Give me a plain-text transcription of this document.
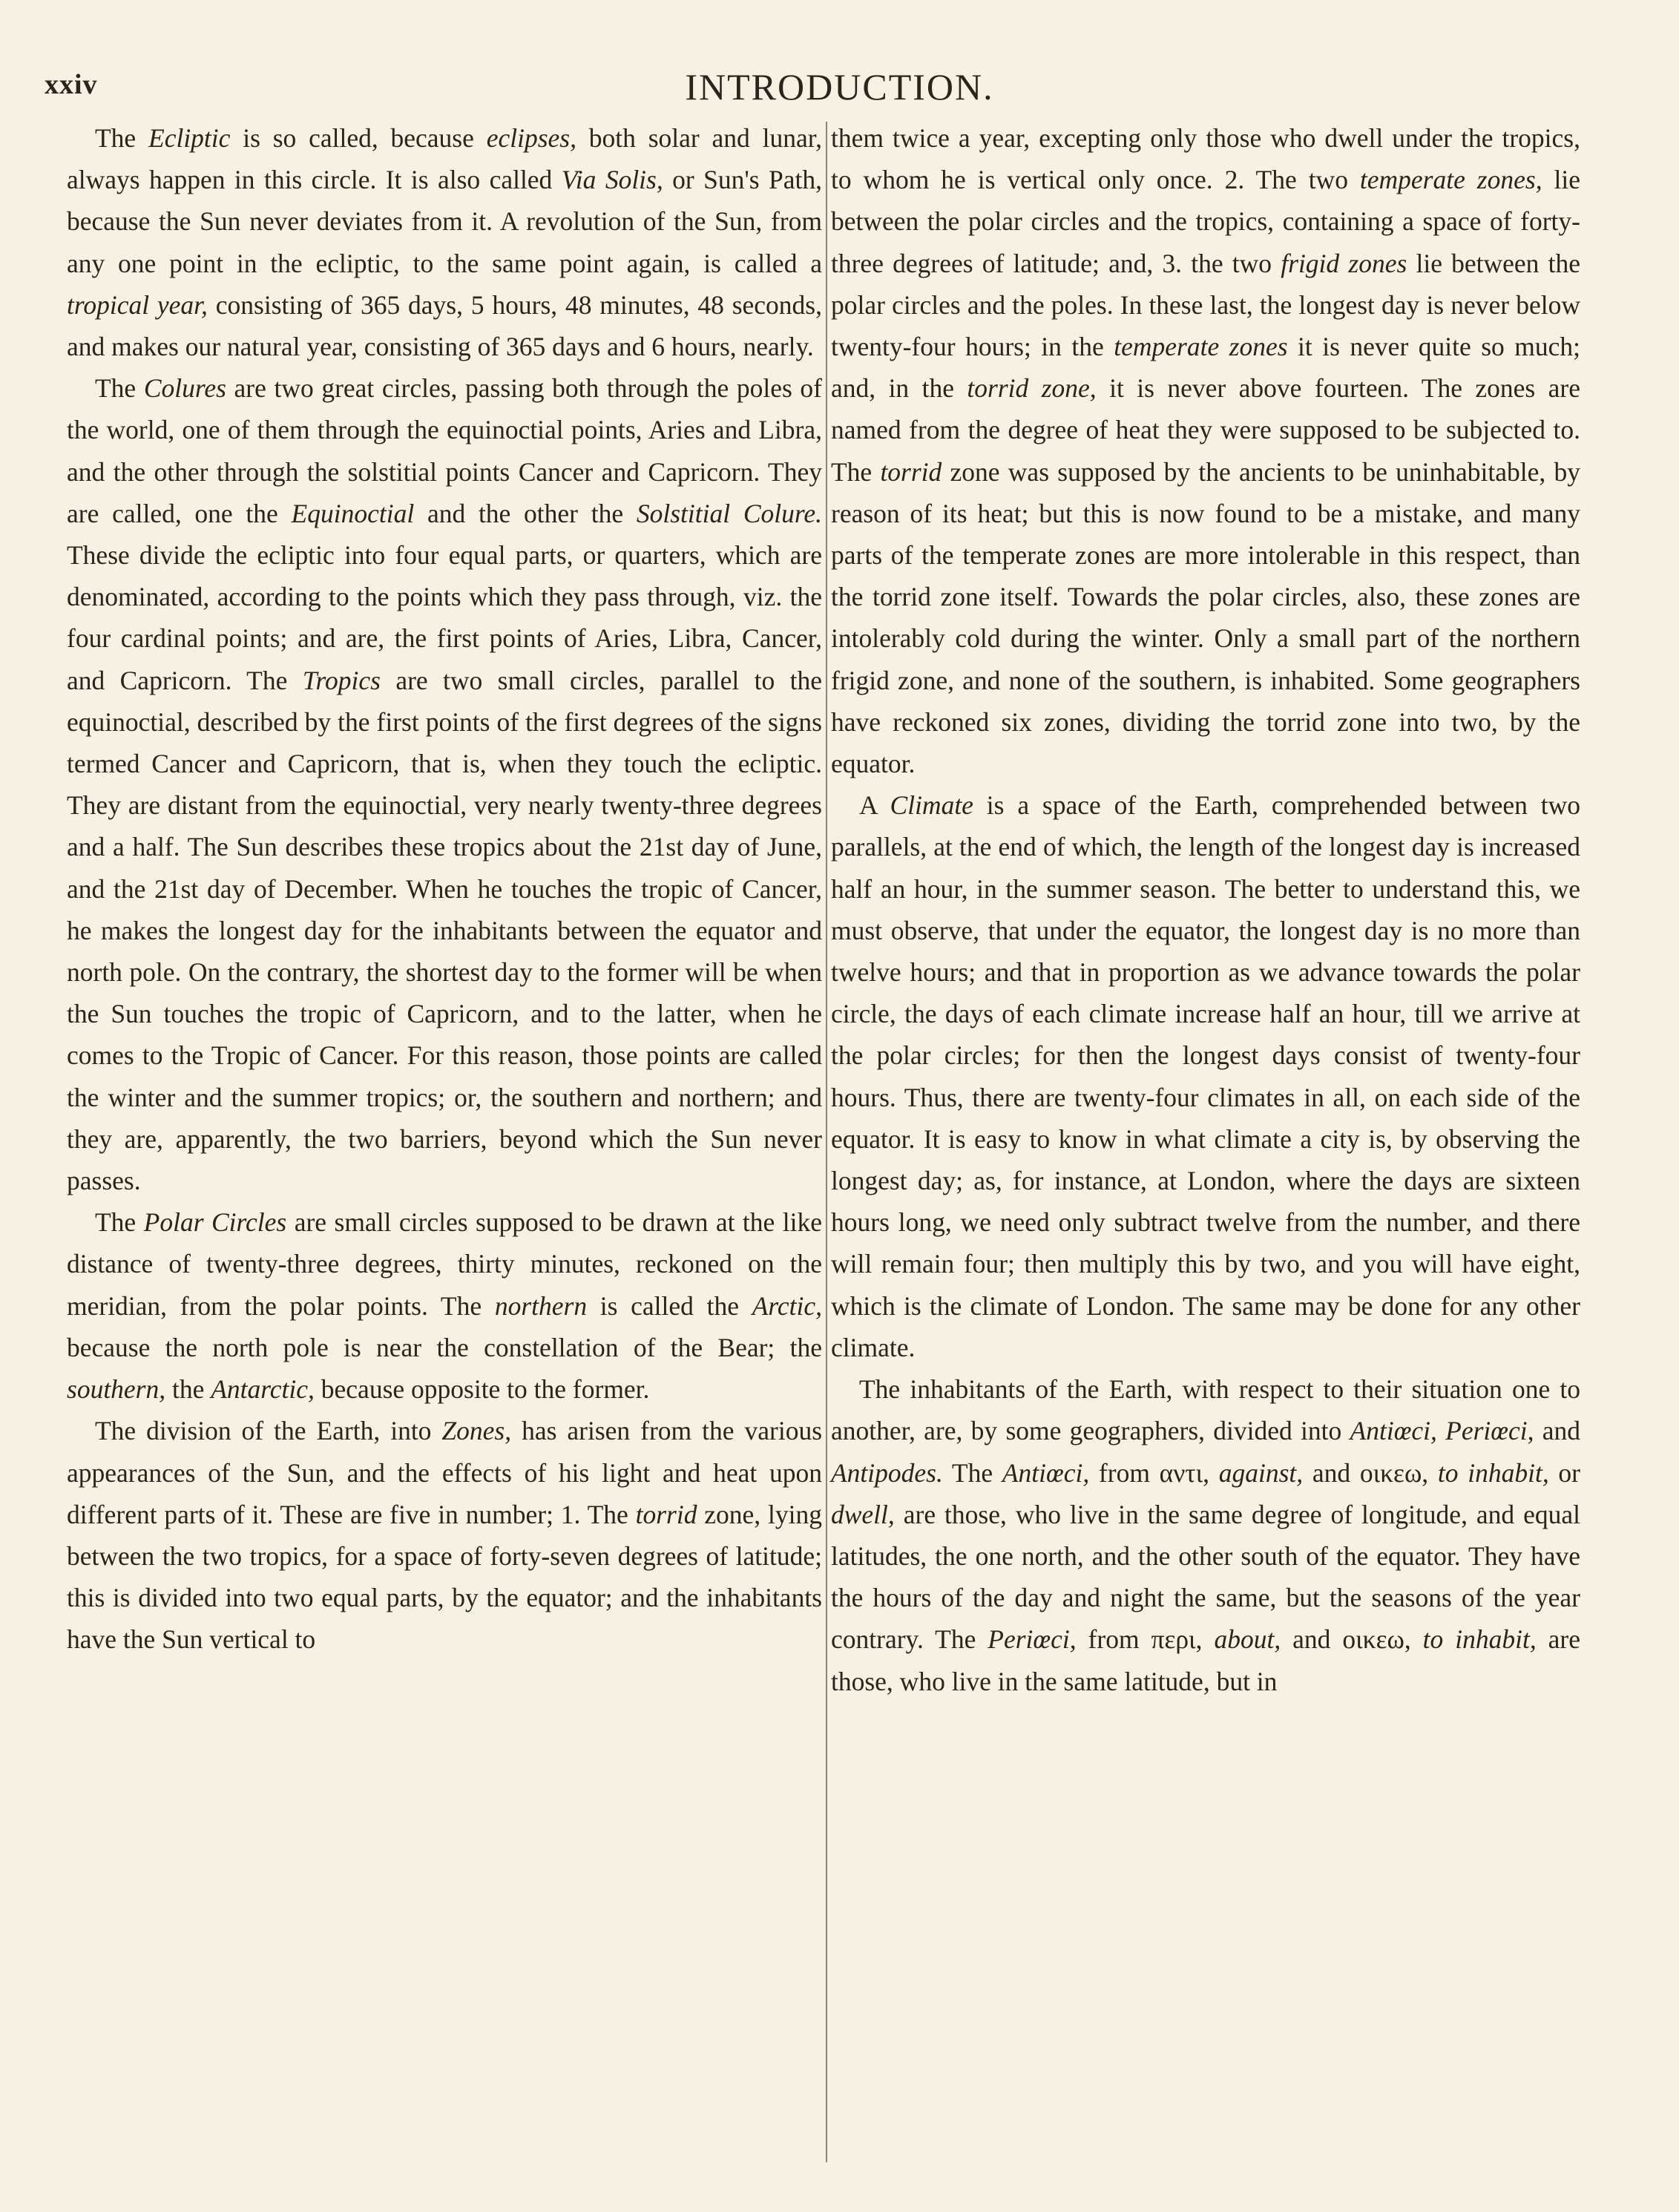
xxiv	INTRODUCTION.

The Ecliptic is so called, because eclipses, both solar and lunar, always happen in this circle. It is also called Via Solis, or Sun's Path, because the Sun never deviates from it. A revolution of the Sun, from any one point in the ecliptic, to the same point again, is called a tropical year, consisting of 365 days, 5 hours, 48 minutes, 48 seconds, and makes our natural year, consisting of 365 days and 6 hours, nearly.

The Colures are two great circles, passing both through the poles of the world, one of them through the equinoctial points, Aries and Libra, and the other through the solstitial points Cancer and Capricorn. They are called, one the Equinoctial and the other the Solstitial Colure. These divide the ecliptic into four equal parts, or quarters, which are denominated, according to the points which they pass through, viz. the four cardinal points; and are, the first points of Aries, Libra, Cancer, and Capricorn. The Tropics are two small circles, parallel to the equinoctial, described by the first points of the first degrees of the signs termed Cancer and Capricorn, that is, when they touch the ecliptic. They are distant from the equinoctial, very nearly twenty-three degrees and a half. The Sun describes these tropics about the 21st day of June, and the 21st day of December. When he touches the tropic of Cancer, he makes the longest day for the inhabitants between the equator and north pole. On the contrary, the shortest day to the former will be when the Sun touches the tropic of Capricorn, and to the latter, when he comes to the Tropic of Cancer. For this reason, those points are called the winter and the summer tropics; or, the southern and northern; and they are, apparently, the two barriers, beyond which the Sun never passes.

The Polar Circles are small circles supposed to be drawn at the like distance of twenty-three degrees, thirty minutes, reckoned on the meridian, from the polar points. The northern is called the Arctic, because the north pole is near the constellation of the Bear; the southern, the Antarctic, because opposite to the former.

The division of the Earth, into Zones, has arisen from the various appearances of the Sun, and the effects of his light and heat upon different parts of it. These are five in number; 1. The torrid zone, lying between the two tropics, for a space of forty-seven degrees of latitude; this is divided into two equal parts, by the equator; and the inhabitants have the Sun vertical to

them twice a year, excepting only those who dwell under the tropics, to whom he is vertical only once. 2. The two temperate zones, lie between the polar circles and the tropics, containing a space of forty-three degrees of latitude; and, 3. the two frigid zones lie between the polar circles and the poles. In these last, the longest day is never below twenty-four hours; in the temperate zones it is never quite so much; and, in the torrid zone, it is never above fourteen. The zones are named from the degree of heat they were supposed to be subjected to. The torrid zone was supposed by the ancients to be uninhabitable, by reason of its heat; but this is now found to be a mistake, and many parts of the temperate zones are more intolerable in this respect, than the torrid zone itself. Towards the polar circles, also, these zones are intolerably cold during the winter. Only a small part of the northern frigid zone, and none of the southern, is inhabited. Some geographers have reckoned six zones, dividing the torrid zone into two, by the equator.

A Climate is a space of the Earth, comprehended between two parallels, at the end of which, the length of the longest day is increased half an hour, in the summer season. The better to understand this, we must observe, that under the equator, the longest day is no more than twelve hours; and that in proportion as we advance towards the polar circle, the days of each climate increase half an hour, till we arrive at the polar circles; for then the longest days consist of twenty-four hours. Thus, there are twenty-four climates in all, on each side of the equator. It is easy to know in what climate a city is, by observing the longest day; as, for instance, at London, where the days are sixteen hours long, we need only subtract twelve from the number, and there will remain four; then multiply this by two, and you will have eight, which is the climate of London. The same may be done for any other climate.

The inhabitants of the Earth, with respect to their situation one to another, are, by some geographers, divided into Antiœci, Periœci, and Antipodes. The Antiœci, from αντι, against, and οικεω, to inhabit, or dwell, are those, who live in the same degree of longitude, and equal latitudes, the one north, and the other south of the equator. They have the hours of the day and night the same, but the seasons of the year contrary. The Periœci, from περι, about, and οικεω, to inhabit, are those, who live in the same latitude, but in
